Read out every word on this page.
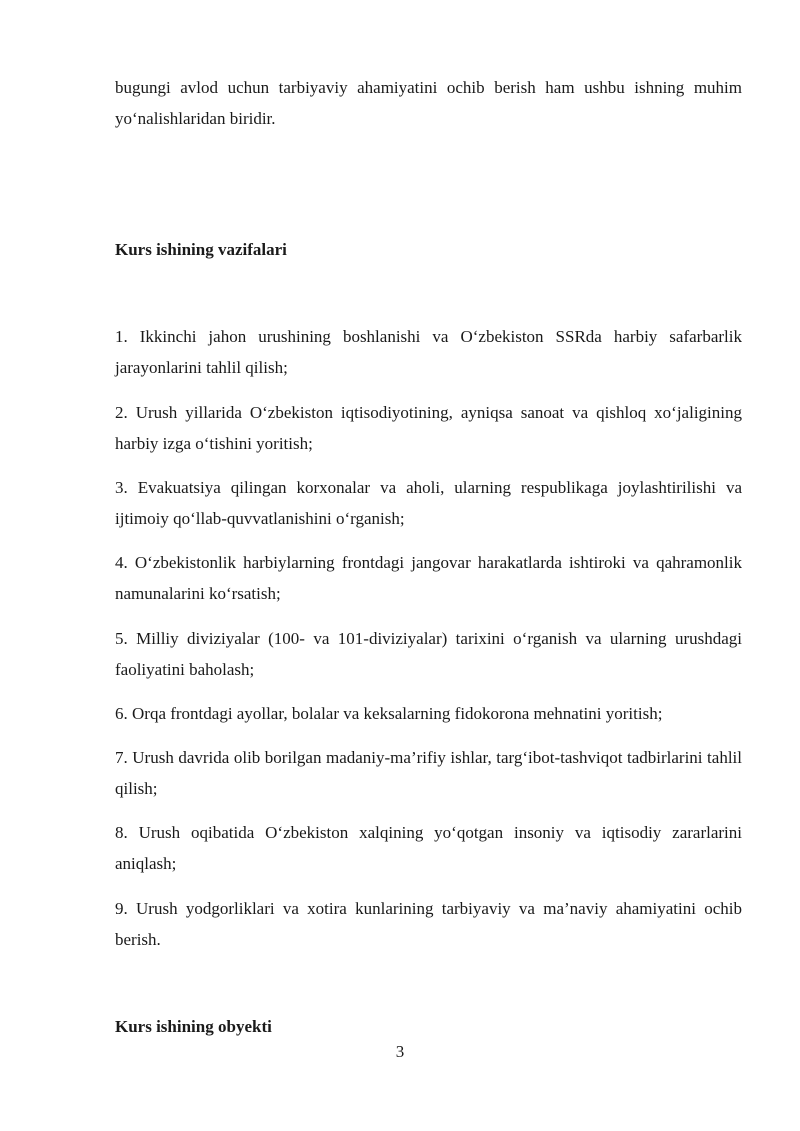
bugungi avlod uchun tarbiyaviy ahamiyatini ochib berish ham ushbu ishning muhim yo‘nalishlaridan biridir.

Kurs ishining vazifalari

1. Ikkinchi jahon urushining boshlanishi va O‘zbekiston SSRda harbiy safarbarlik jarayonlarini tahlil qilish;

2. Urush yillarida O‘zbekiston iqtisodiyotining, ayniqsa sanoat va qishloq xo‘jaligining harbiy izga o‘tishini yoritish;

3. Evakuatsiya qilingan korxonalar va aholi, ularning respublikaga joylashtirilishi va ijtimoiy qo‘llab-quvvatlanishini o‘rganish;

4. O‘zbekistonlik harbiylarning frontdagi jangovar harakatlarda ishtiroki va qahramonlik namunalarini ko‘rsatish;

5. Milliy diviziyalar (100- va 101-diviziyalar) tarixini o‘rganish va ularning urushdagi faoliyatini baholash;

6. Orqa frontdagi ayollar, bolalar va keksalarning fidokorona mehnatini yoritish;

7. Urush davrida olib borilgan madaniy-ma’rifiy ishlar, targ‘ibot-tashviqot tadbirlarini tahlil qilish;

8. Urush oqibatida O‘zbekiston xalqining yo‘qotgan insoniy va iqtisodiy zararlarini aniqlash;

9. Urush yodgorliklari va xotira kunlarining tarbiyaviy va ma’naviy ahamiyatini ochib berish.

Kurs ishining obyekti

3
